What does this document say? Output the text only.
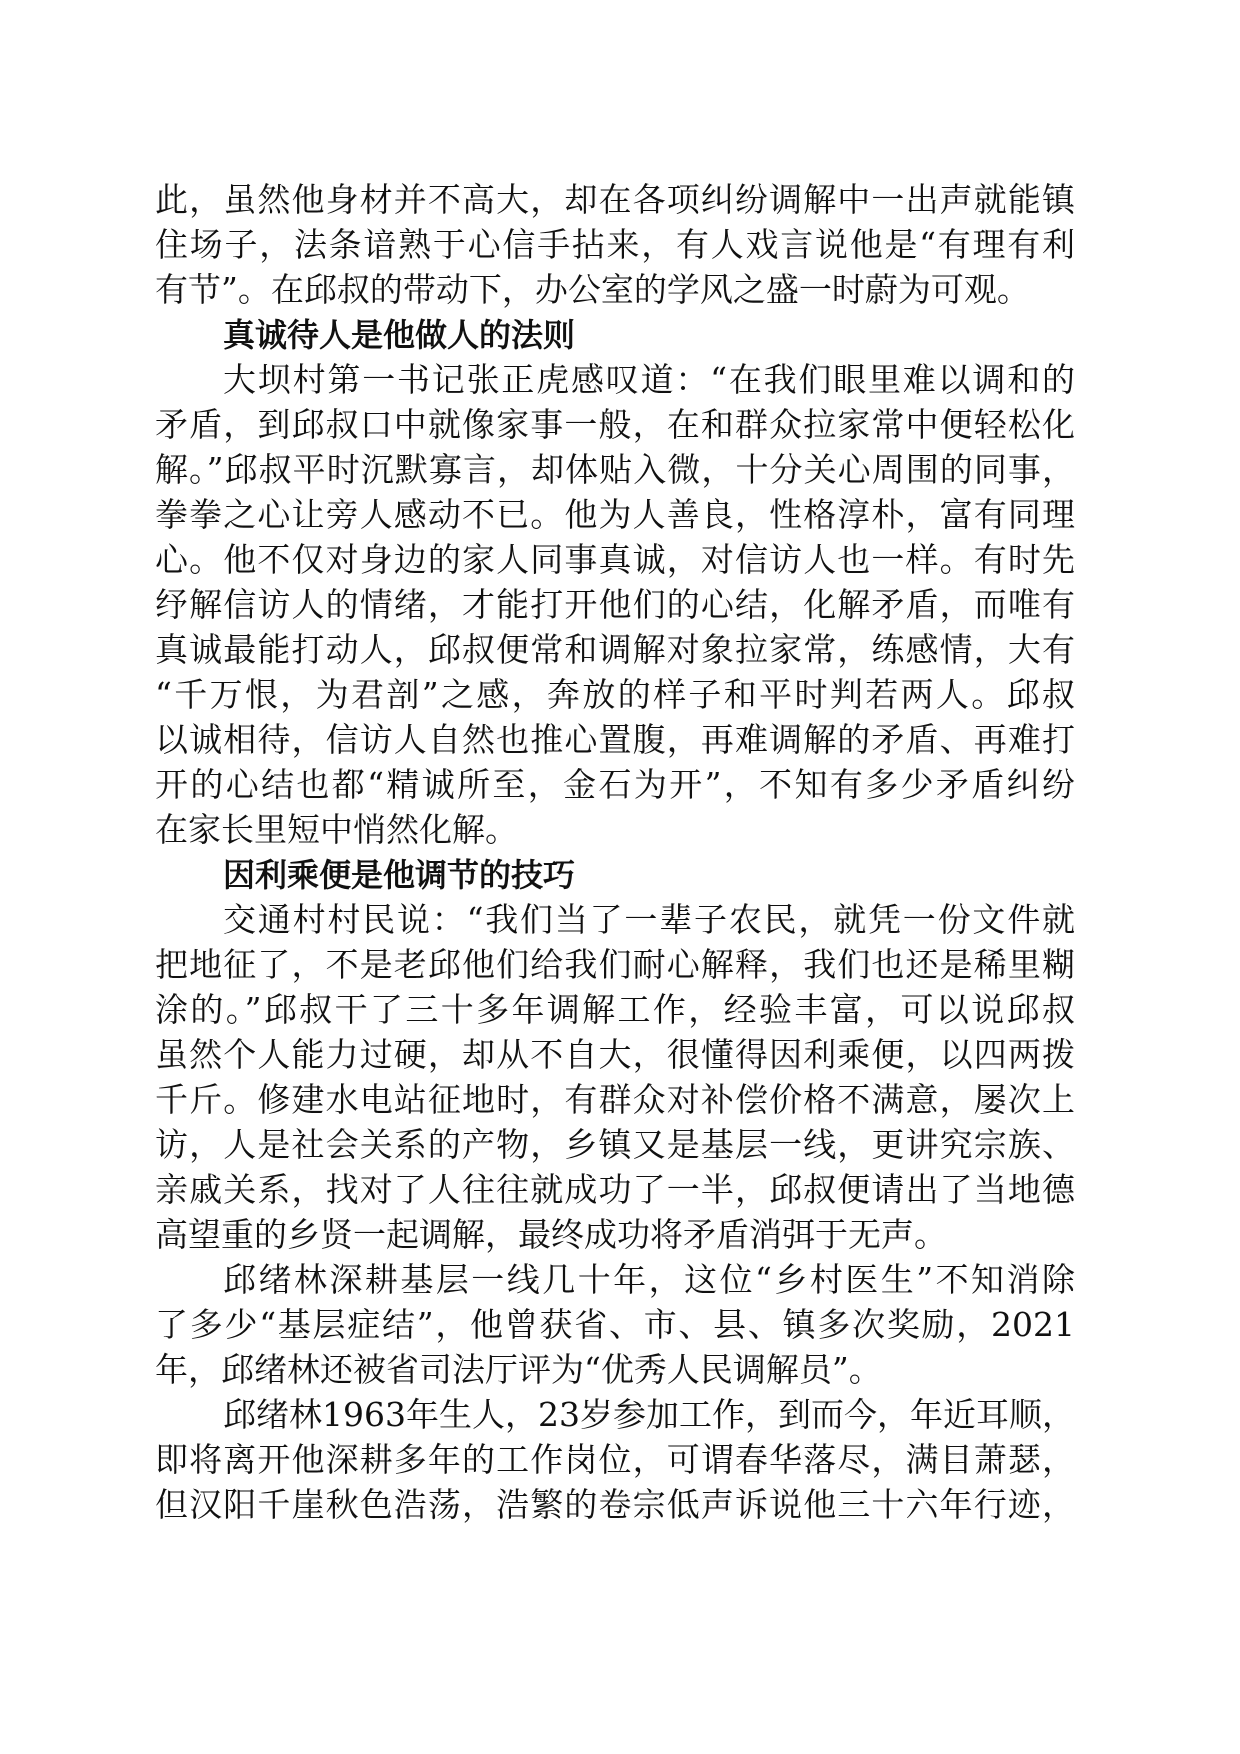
此，虽然他身材并不高大，却在各项纠纷调解中一出声就能镇
住场子，法条谙熟于心信手拈来，有人戏言说他是“有理有利
有节”。在邱叔的带动下，办公室的学风之盛一时蔚为可观。
真诚待人是他做人的法则
大坝村第一书记张正虎感叹道：“在我们眼里难以调和的
矛盾，到邱叔口中就像家事一般，在和群众拉家常中便轻松化
解。”邱叔平时沉默寡言，却体贴入微，十分关心周围的同事，
拳拳之心让旁人感动不已。他为人善良，性格淳朴，富有同理
心。他不仅对身边的家人同事真诚，对信访人也一样。有时先
纾解信访人的情绪，才能打开他们的心结，化解矛盾，而唯有
真诚最能打动人，邱叔便常和调解对象拉家常，练感情，大有
“千万恨，为君剖”之感，奔放的样子和平时判若两人。邱叔
以诚相待，信访人自然也推心置腹，再难调解的矛盾、再难打
开的心结也都“精诚所至，金石为开”，不知有多少矛盾纠纷
在家长里短中悄然化解。
因利乘便是他调节的技巧
交通村村民说：“我们当了一辈子农民，就凭一份文件就
把地征了，不是老邱他们给我们耐心解释，我们也还是稀里糊
涂的。”邱叔干了三十多年调解工作，经验丰富，可以说邱叔
虽然个人能力过硬，却从不自大，很懂得因利乘便，以四两拨
千斤。修建水电站征地时，有群众对补偿价格不满意，屡次上
访，人是社会关系的产物，乡镇又是基层一线，更讲究宗族、
亲戚关系，找对了人往往就成功了一半，邱叔便请出了当地德
高望重的乡贤一起调解，最终成功将矛盾消弭于无声。
邱绪林深耕基层一线几十年，这位“乡村医生”不知消除
了多少“基层症结”，他曾获省、市、县、镇多次奖励，2021
年，邱绪林还被省司法厅评为“优秀人民调解员”。
邱绪林1963年生人，23岁参加工作，到而今，年近耳顺，
即将离开他深耕多年的工作岗位，可谓春华落尽，满目萧瑟，
但汉阳千崖秋色浩荡，浩繁的卷宗低声诉说他三十六年行迹，
